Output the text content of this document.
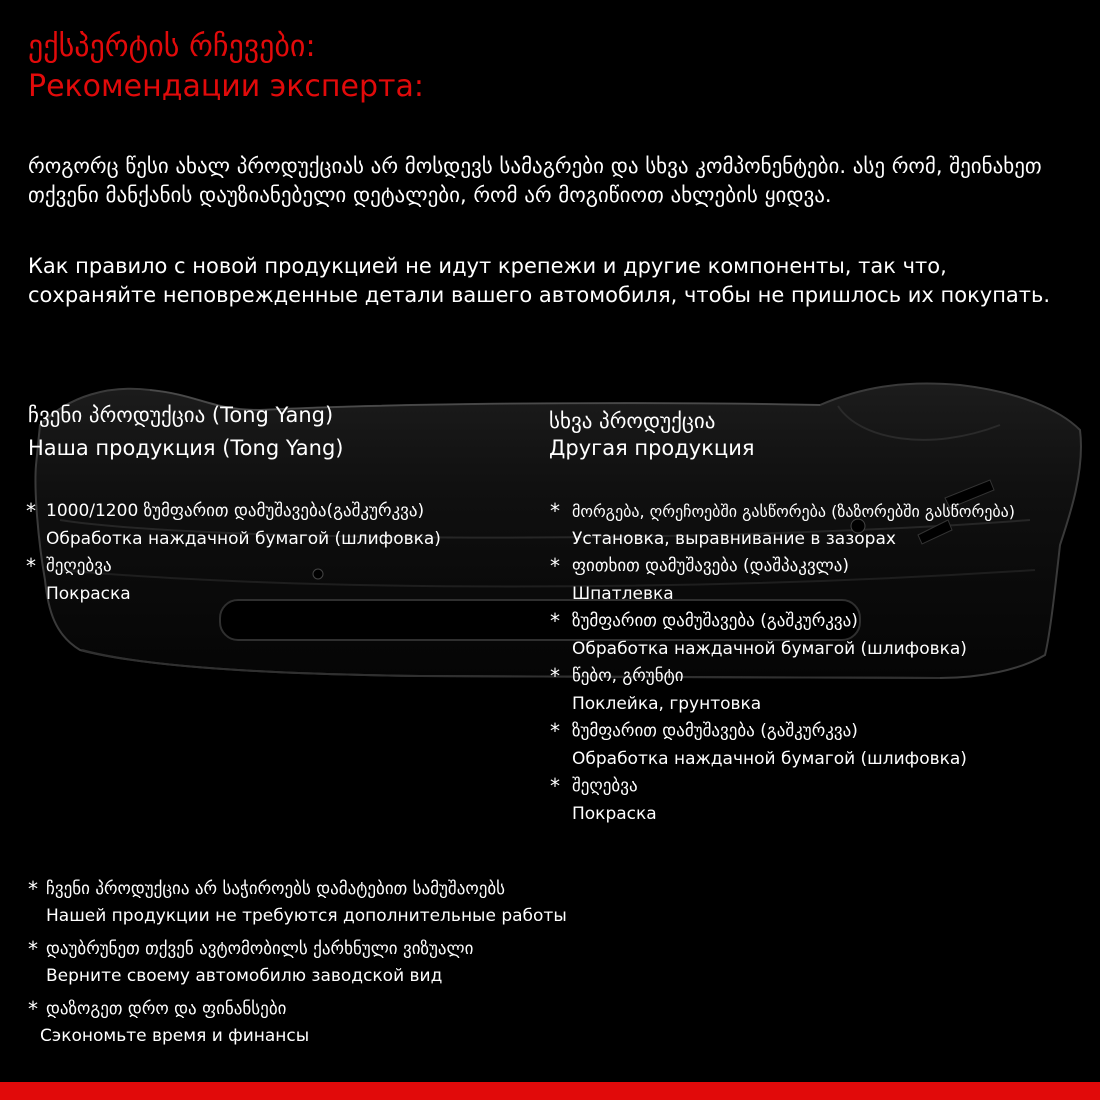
ექსპერტის რჩევები:
Рекомендации эксперта:
როგორც წესი ახალ პროდუქციას არ მოსდევს სამაგრები და სხვა კომპონენტები. ასე რომ, შეინახეთ თქვენი მანქანის დაუზიანებელი დეტალები, რომ არ მოგიწიოთ ახლების ყიდვა.
Как правило с новой продукцией не идут крепежи и другие компоненты, так что, сохраняйте неповрежденные детали вашего автомобиля, чтобы не пришлось их покупать.
ჩვენი პროდუქცია (Tong Yang)
Наша продукция (Tong Yang)
* 1000/1200 ზუმფარით დამუშავება(გაშკურკვა)
Обработка наждачной бумагой (шлифовка)
* შეღებვა
Покраска
სხვა პროდუქცია
Другая продукция
* მორგება, ღრეჩოებში გასწორება (ზაზორებში გასწორება)
Установка, выравнивание в зазорах
* ფითხით დამუშავება (დაშპაკვლა)
Шпатлевка
* ზუმფარით დამუშავება (გაშკურკვა)
Обработка наждачной бумагой (шлифовка)
* წებო, გრუნტი
Поклейка, грунтовка
* ზუმფარით დამუშავება (გაშკურკვა)
Обработка наждачной бумагой (шлифовка)
* შეღებვა
Покраска
* ჩვენი პროდუქცია არ საჭიროებს დამატებით სამუშაოებს
Нашей продукции не требуются дополнительные работы
* დაუბრუნეთ თქვენ ავტომობილს ქარხნული ვიზუალი
Верните своему автомобилю заводской вид
* დაზოგეთ დრო და ფინანსები
Сэкономьте время и финансы
